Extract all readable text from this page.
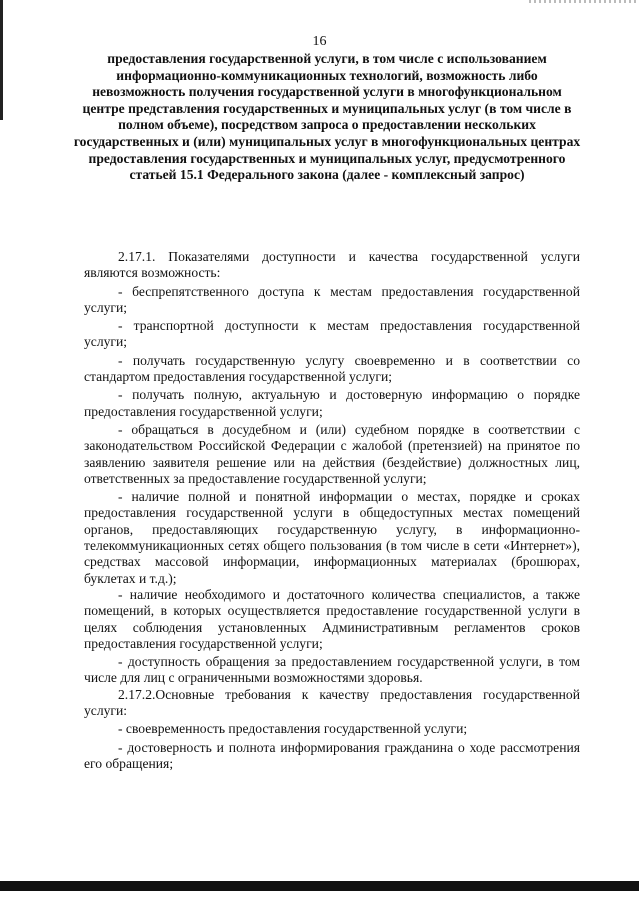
16
предоставления государственной услуги, в том числе с использованием информационно-коммуникационных технологий, возможность либо невозможность получения государственной услуги в многофункциональном центре представления государственных и муниципальных услуг (в том числе в полном объеме), посредством запроса о предоставлении нескольких государственных и (или) муниципальных услуг в многофункциональных центрах предоставления государственных и муниципальных услуг, предусмотренного статьей 15.1 Федерального закона (далее - комплексный запрос)

2.17.1. Показателями доступности и качества государственной услуги являются возможность:

- беспрепятственного доступа к местам предоставления государственной услуги;

- транспортной доступности к местам предоставления государственной услуги;

- получать государственную услугу своевременно и в соответствии со стандартом предоставления государственной услуги;

- получать полную, актуальную и достоверную информацию о порядке предоставления государственной услуги;

- обращаться в досудебном и (или) судебном порядке в соответствии с законодательством Российской Федерации с жалобой (претензией) на принятое по заявлению заявителя решение или на действия (бездействие) должностных лиц, ответственных за предоставление государственной услуги;

- наличие полной и понятной информации о местах, порядке и сроках предоставления государственной услуги в общедоступных местах помещений органов, предоставляющих государственную услугу, в информационно- телекоммуникационных сетях общего пользования (в том числе в сети «Интернет»), средствах массовой информации, информационных материалах (брошюрах, буклетах и т.д.);

- наличие необходимого и достаточного количества специалистов, а также помещений, в которых осуществляется предоставление государственной услуги в целях соблюдения установленных Административным регламентов сроков предоставления государственной услуги;

- доступность обращения за предоставлением государственной услуги, в том числе для лиц с ограниченными возможностями здоровья.

2.17.2.Основные требования к качеству предоставления государственной услуги:

- своевременность предоставления государственной услуги;

- достоверность и полнота информирования гражданина о ходе рассмотрения его обращения;
